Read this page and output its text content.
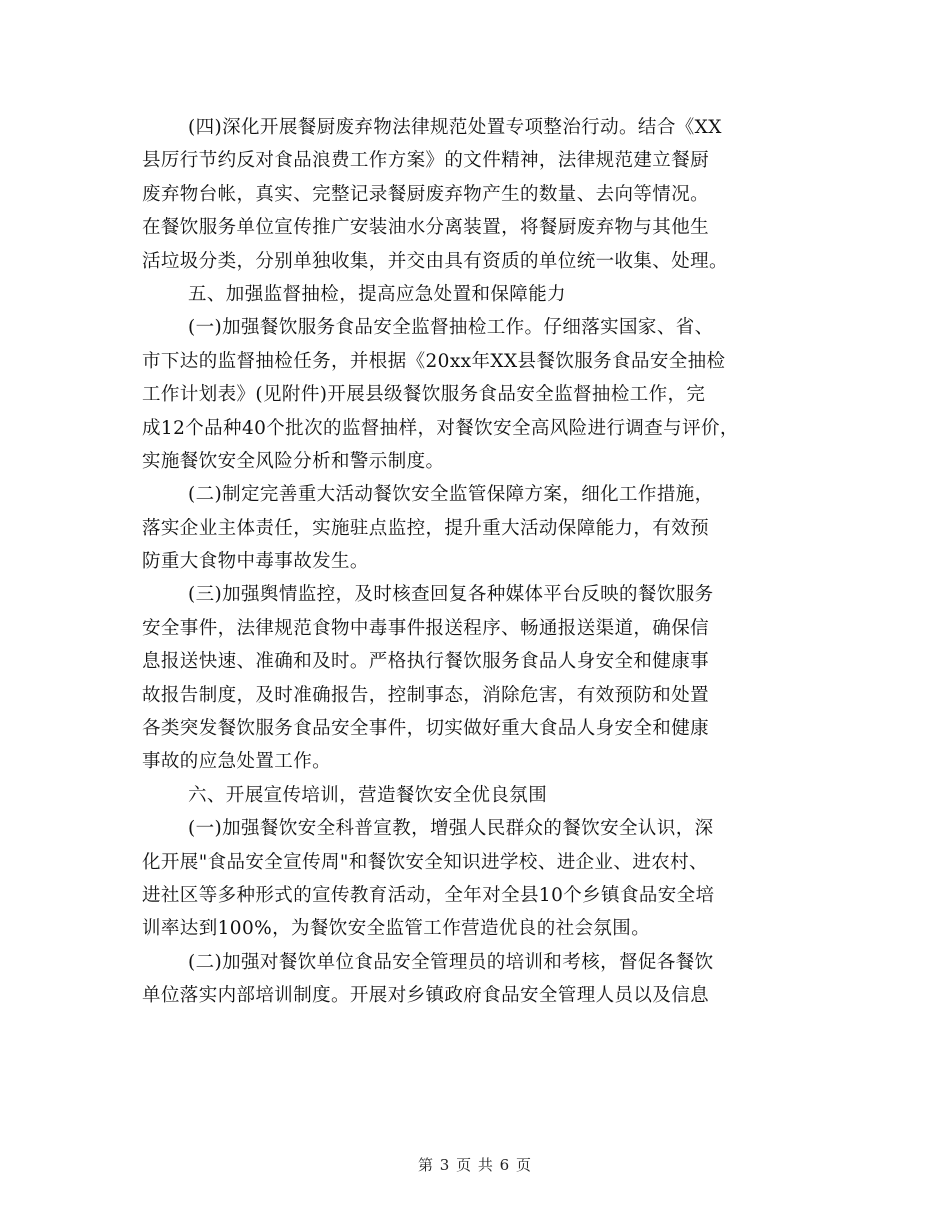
(四)深化开展餐厨废弃物法律规范处置专项整治行动。结合《XX
县厉行节约反对食品浪费工作方案》的文件精神，法律规范建立餐厨
废弃物台帐，真实、完整记录餐厨废弃物产生的数量、去向等情况。
在餐饮服务单位宣传推广安装油水分离装置，将餐厨废弃物与其他生
活垃圾分类，分别单独收集，并交由具有资质的单位统一收集、处理。
五、加强监督抽检，提高应急处置和保障能力
(一)加强餐饮服务食品安全监督抽检工作。仔细落实国家、省、
市下达的监督抽检任务，并根据《20xx年XX县餐饮服务食品安全抽检
工作计划表》(见附件)开展县级餐饮服务食品安全监督抽检工作，完
成12个品种40个批次的监督抽样，对餐饮安全高风险进行调查与评价，
实施餐饮安全风险分析和警示制度。
(二)制定完善重大活动餐饮安全监管保障方案，细化工作措施，
落实企业主体责任，实施驻点监控，提升重大活动保障能力，有效预
防重大食物中毒事故发生。
(三)加强舆情监控，及时核查回复各种媒体平台反映的餐饮服务
安全事件，法律规范食物中毒事件报送程序、畅通报送渠道，确保信
息报送快速、准确和及时。严格执行餐饮服务食品人身安全和健康事
故报告制度，及时准确报告，控制事态，消除危害，有效预防和处置
各类突发餐饮服务食品安全事件，切实做好重大食品人身安全和健康
事故的应急处置工作。
六、开展宣传培训，营造餐饮安全优良氛围
(一)加强餐饮安全科普宣教，增强人民群众的餐饮安全认识，深
化开展"食品安全宣传周"和餐饮安全知识进学校、进企业、进农村、
进社区等多种形式的宣传教育活动，全年对全县10个乡镇食品安全培
训率达到100%，为餐饮安全监管工作营造优良的社会氛围。
(二)加强对餐饮单位食品安全管理员的培训和考核，督促各餐饮
单位落实内部培训制度。开展对乡镇政府食品安全管理人员以及信息
第 3 页 共 6 页
